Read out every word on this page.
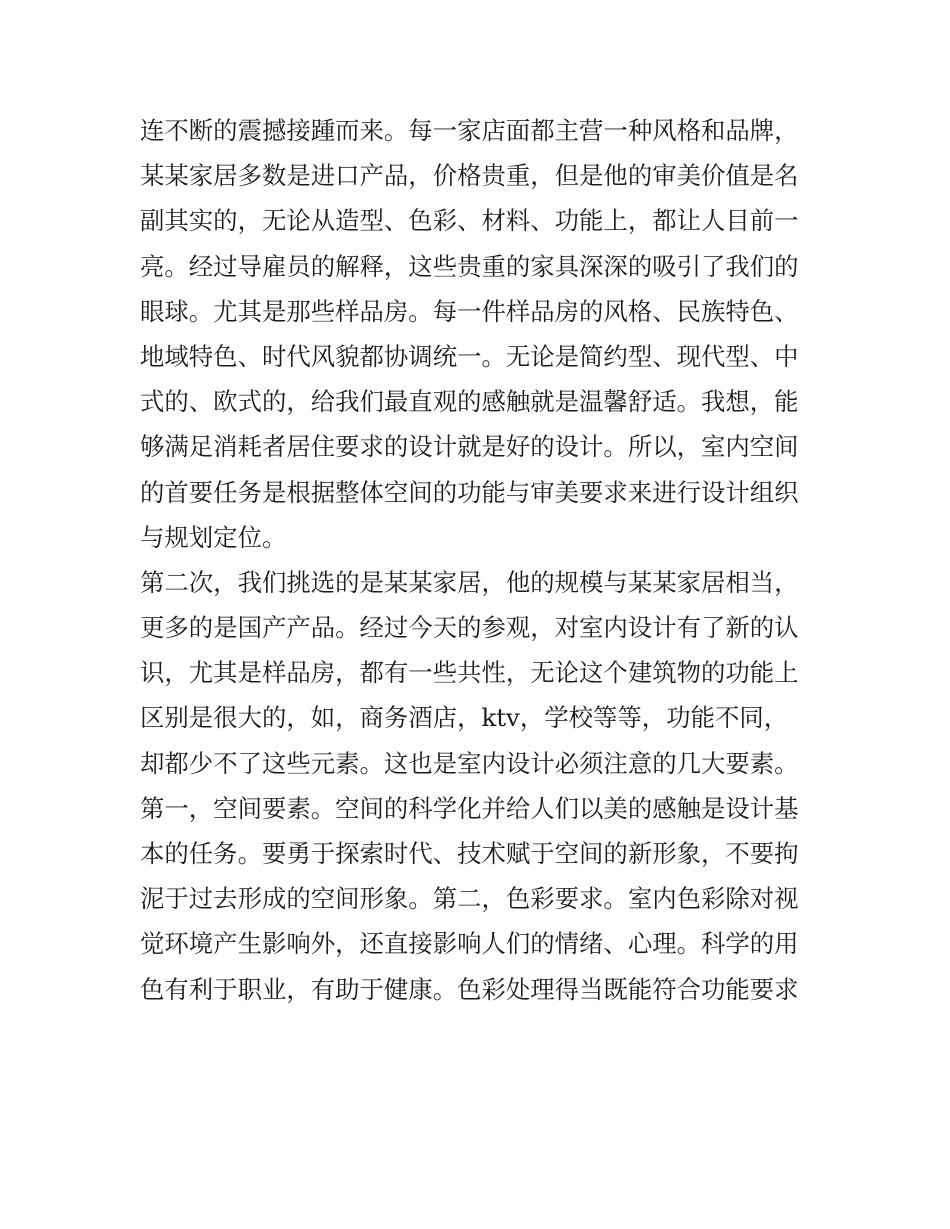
连不断的震撼接踵而来。每一家店面都主营一种风格和品牌，
某某家居多数是进口产品，价格贵重，但是他的审美价值是名
副其实的，无论从造型、色彩、材料、功能上，都让人目前一
亮。经过导雇员的解释，这些贵重的家具深深的吸引了我们的
眼球。尤其是那些样品房。每一件样品房的风格、民族特色、
地域特色、时代风貌都协调统一。无论是简约型、现代型、中
式的、欧式的，给我们最直观的感触就是温馨舒适。我想，能
够满足消耗者居住要求的设计就是好的设计。所以，室内空间
的首要任务是根据整体空间的功能与审美要求来进行设计组织
与规划定位。
第二次，我们挑选的是某某家居，他的规模与某某家居相当，
更多的是国产产品。经过今天的参观，对室内设计有了新的认
识，尤其是样品房，都有一些共性，无论这个建筑物的功能上
区别是很大的，如，商务酒店，ktv，学校等等，功能不同，
却都少不了这些元素。这也是室内设计必须注意的几大要素。
第一，空间要素。空间的科学化并给人们以美的感触是设计基
本的任务。要勇于探索时代、技术赋于空间的新形象，不要拘
泥于过去形成的空间形象。第二，色彩要求。室内色彩除对视
觉环境产生影响外，还直接影响人们的情绪、心理。科学的用
色有利于职业，有助于健康。色彩处理得当既能符合功能要求
